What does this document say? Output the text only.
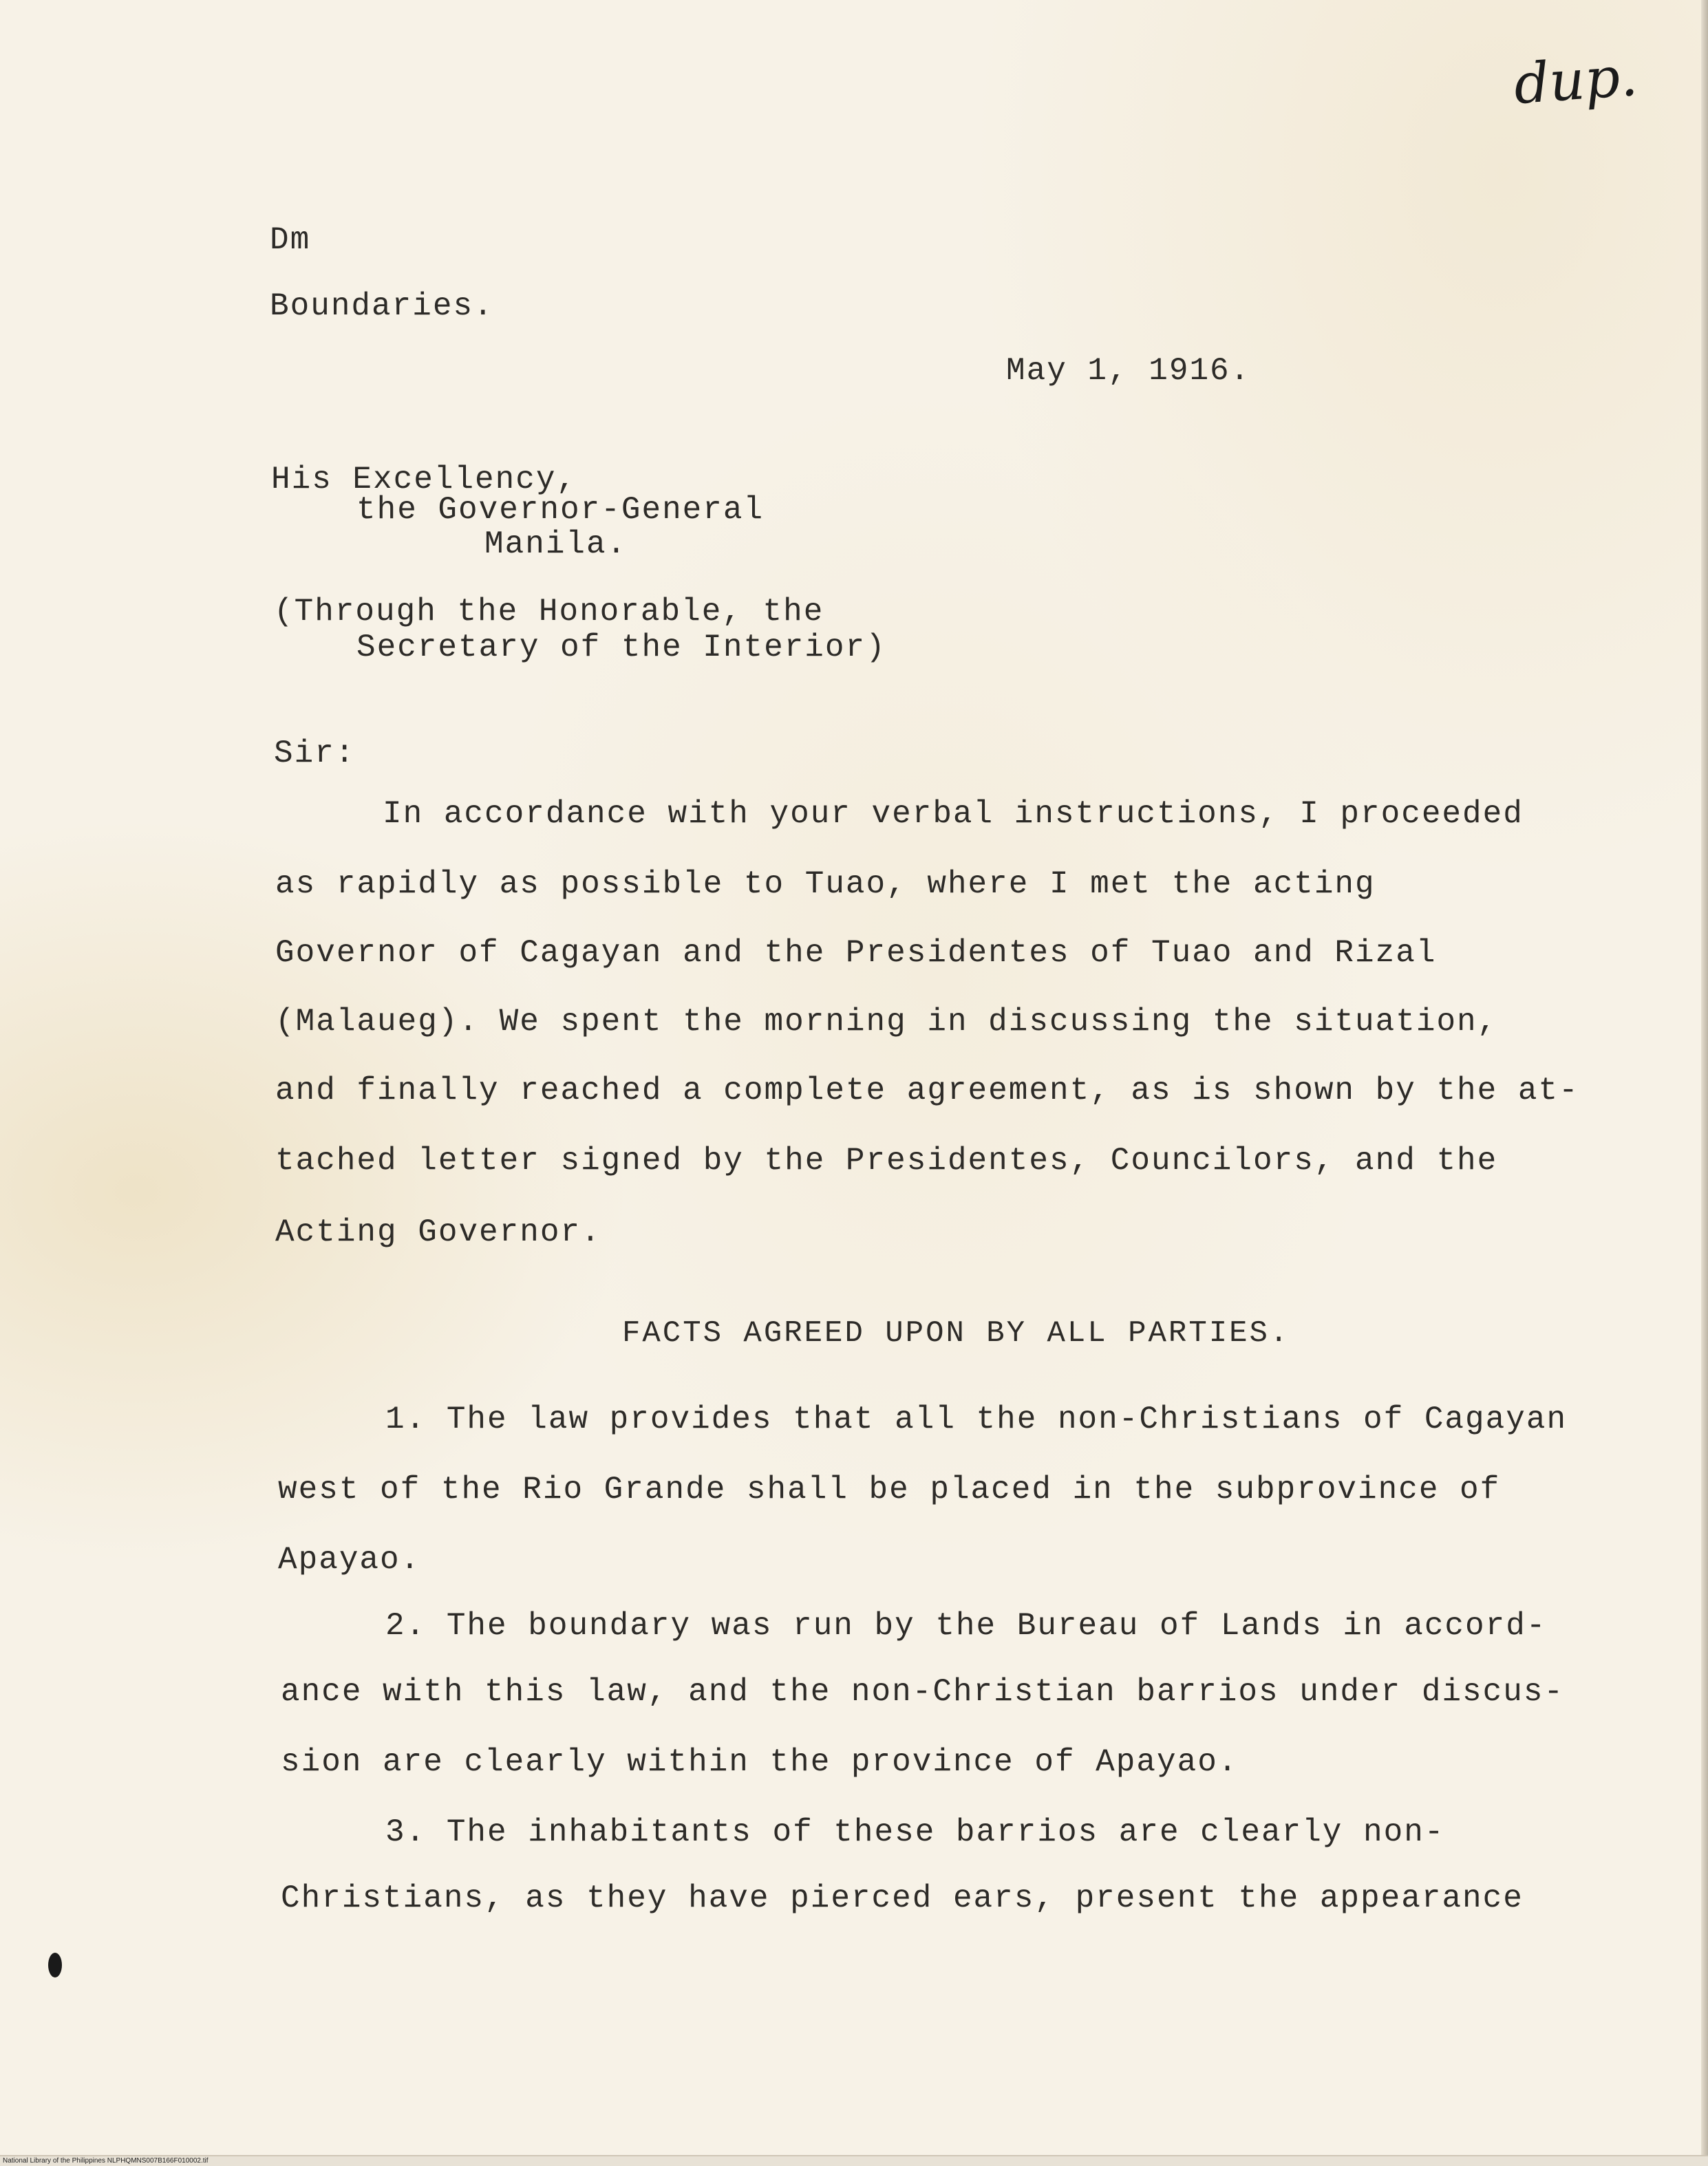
dup.
Dm
Boundaries.
May 1, 1916.
His Excellency,
the Governor-General
Manila.
(Through the Honorable, the
Secretary of the Interior)
Sir:
In accordance with your verbal instructions, I proceeded
as rapidly as possible to Tuao, where I met the acting
Governor of Cagayan and the Presidentes of Tuao and Rizal
(Malaueg). We spent the morning in discussing the situation,
and finally reached a complete agreement, as is shown by the at-
tached letter signed by the Presidentes, Councilors, and the
Acting Governor.
FACTS AGREED UPON BY ALL PARTIES.
1. The law provides that all the non-Christians of Cagayan
west of the Rio Grande shall be placed in the subprovince of
Apayao.
2. The boundary was run by the Bureau of Lands in accord-
ance with this law, and the non-Christian barrios under discus-
sion are clearly within the province of Apayao.
3. The inhabitants of these barrios are clearly non-
Christians, as they have pierced ears, present the appearance
National Library of the Philippines NLPHQMNS007B166F010002.tif
